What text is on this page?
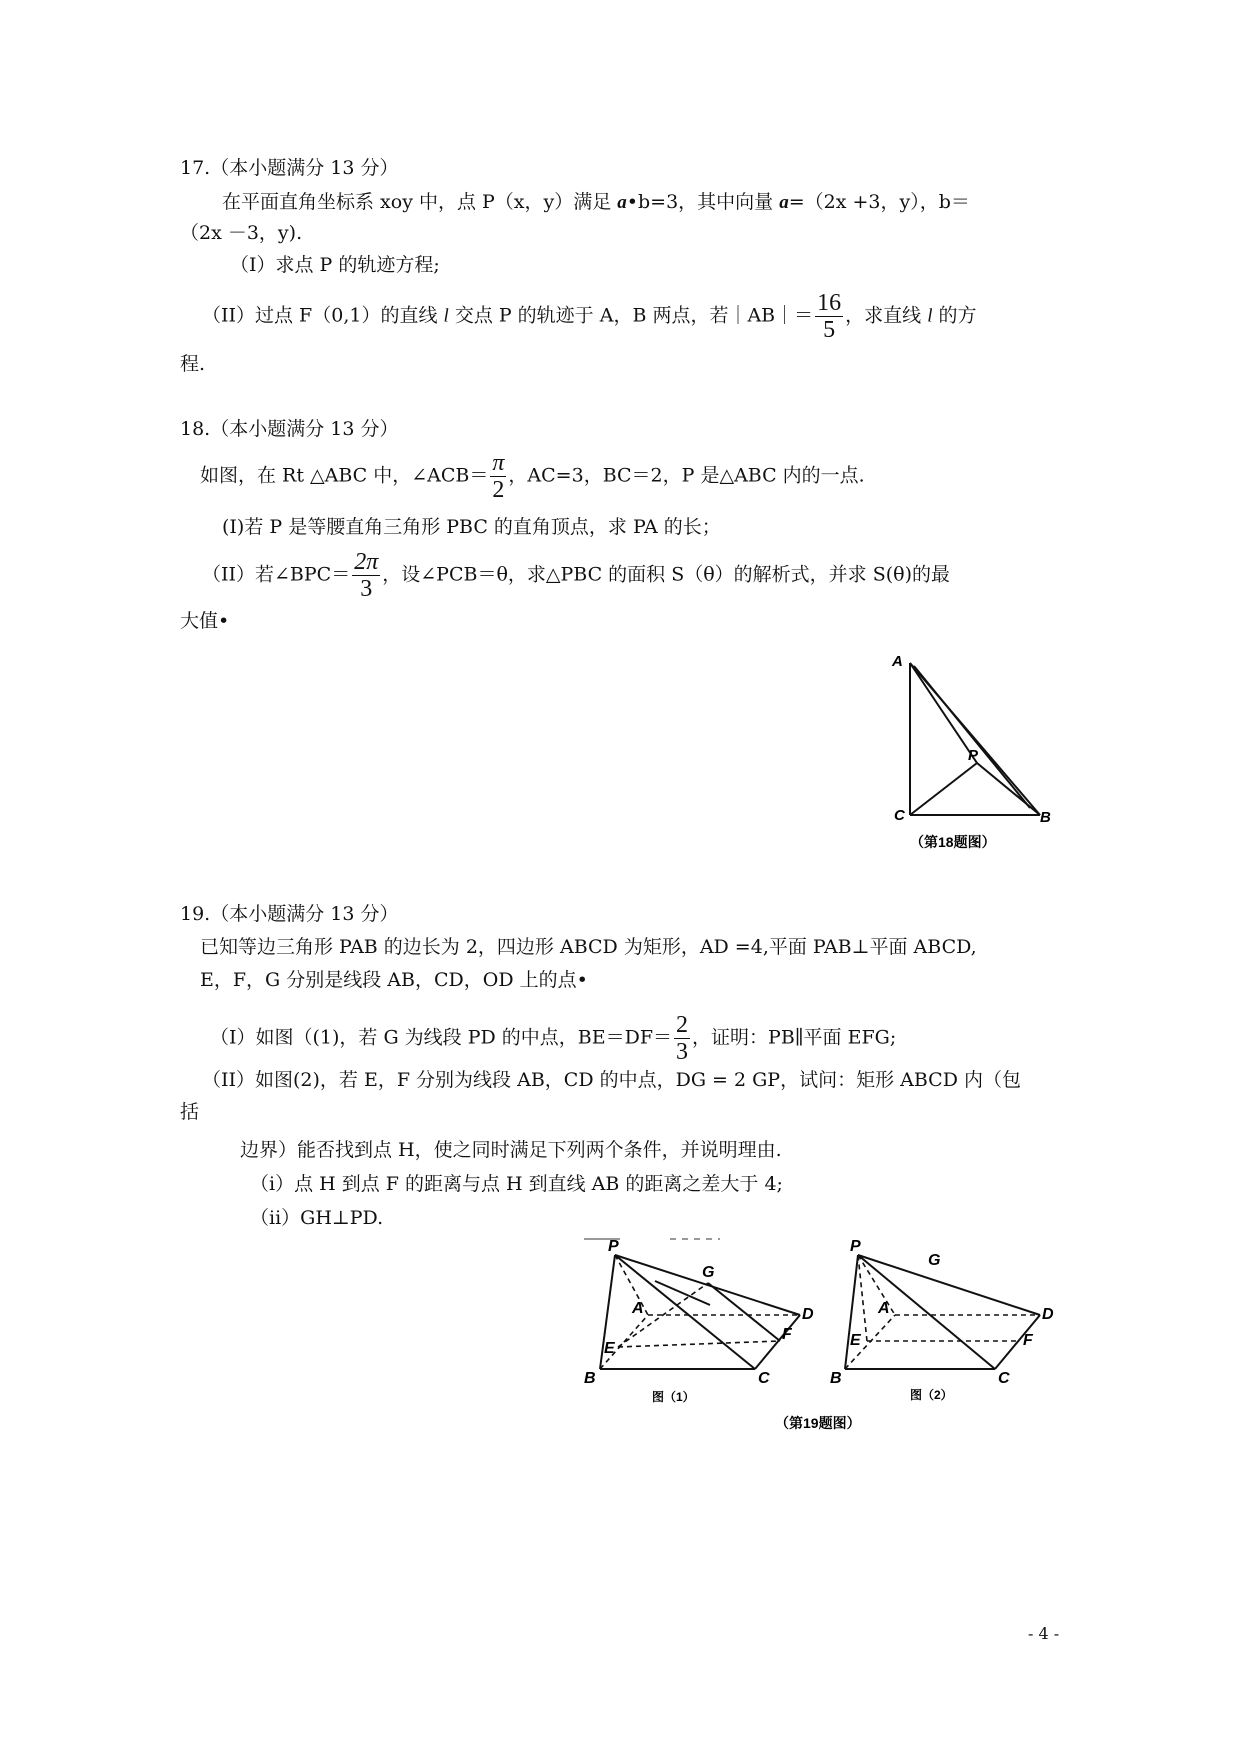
17.（本小题满分 13 分）
在平面直角坐标系 xoy 中，点 P（x，y）满足 a•b=3，其中向量 a=（2x +3，y），b＝
（2x －3，y).
（I）求点 P 的轨迹方程;
（II）过点 F（0,1）的直线 l 交点 P 的轨迹于 A，B 两点，若｜AB｜＝ $\frac{16}{5}$ ，求直线 l 的方
程.
18.（本小题满分 13 分）
如图，在 Rt △ABC 中，∠ACB＝ $\frac{\pi}{2}$ ，AC=3，BC＝2，P 是△ABC 内的一点.
(I)若 P 是等腰直角三角形 PBC 的直角顶点，求 PA 的长；
（II）若∠BPC＝ $\frac{2\pi}{3}$ ，设∠PCB＝θ，求△PBC 的面积 S（θ）的解析式，并求 S(θ)的最
大值•
A
P
C	B
（第18题图）
19.（本小题满分 13 分）
已知等边三角形 PAB 的边长为 2，四边形 ABCD 为矩形，AD =4,平面 PAB⊥平面 ABCD,
E，F，G 分别是线段 AB，CD，OD 上的点•
（I）如图（(1)，若 G 为线段 PD 的中点，$BE=DF= \frac{2}{3}$ ，证明：PB∥平面 EFG;
（II）如图(2)，若 E，F 分别为线段 AB，CD 的中点，DG = 2 GP，试问：矩形 ABCD 内（包
括
边界）能否找到点 H，使之同时满足下列两个条件，并说明理由.
（i）点 H 到点 F 的距离与点 H 到直线 AB 的距离之差大于 4;
（ii）GH⊥PD.
P
G
A	D
F
E
B	C
图（1）
P
G
A	D
F
E
B	C
图（2）
（第19题图）
- 4 -
